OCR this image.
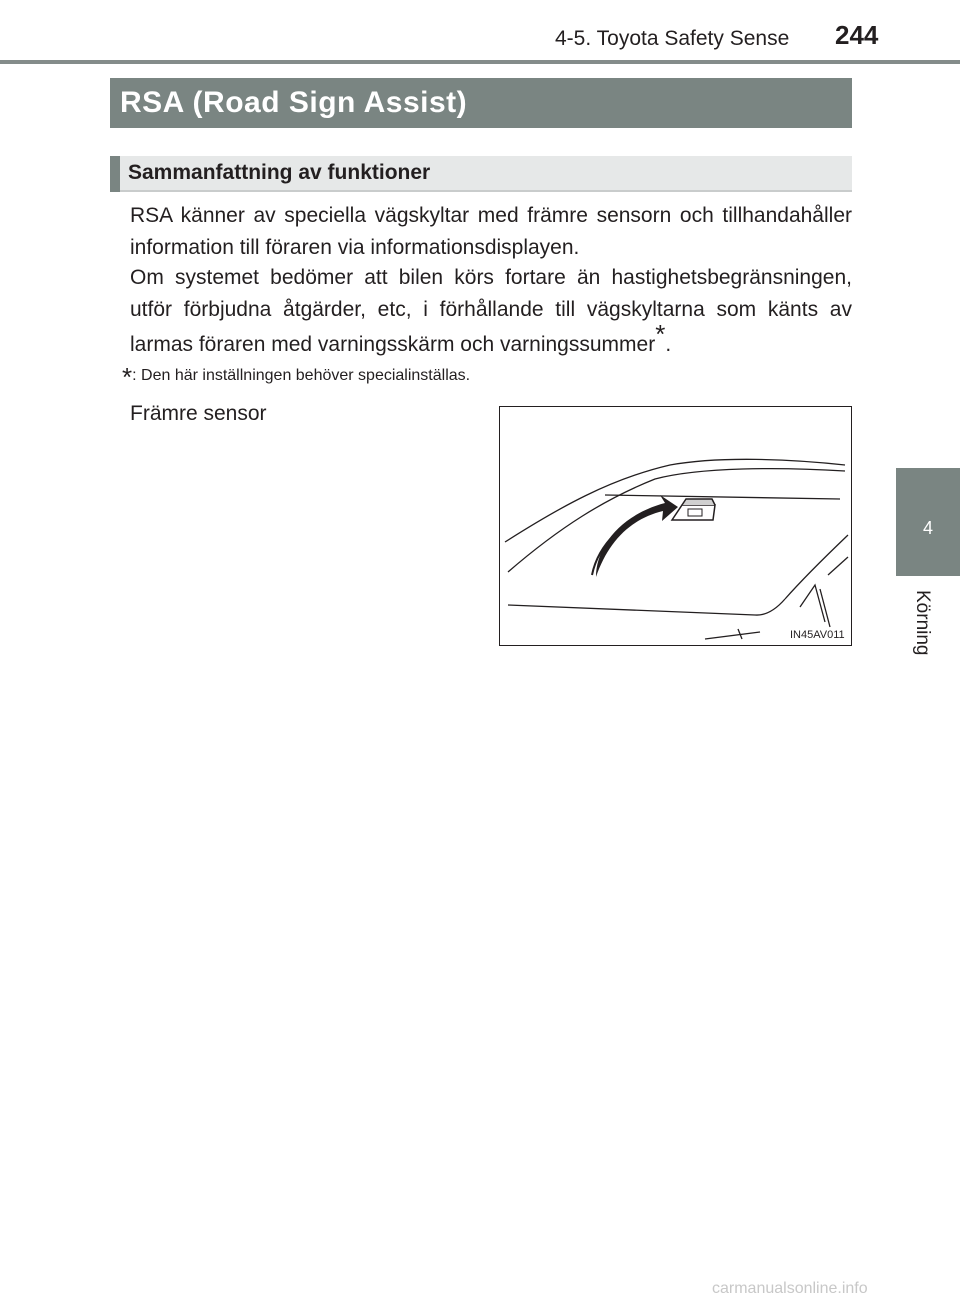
4-5. Toyota Safety Sense 244
RSA (Road Sign Assist)
Sammanfattning av funktioner
RSA känner av speciella vägskyltar med främre sensorn och tillhandahåller information till föraren via informationsdisplayen.
Om systemet bedömer att bilen körs fortare än hastighetsbegränsningen, utför förbjudna åtgärder, etc, i förhållande till vägskyltarna som känts av larmas föraren med varningsskärm och varningssummer*.
*: Den här inställningen behöver specialinställas.
Främre sensor
IN45AV011
4
Körning
carmanualsonline.info
